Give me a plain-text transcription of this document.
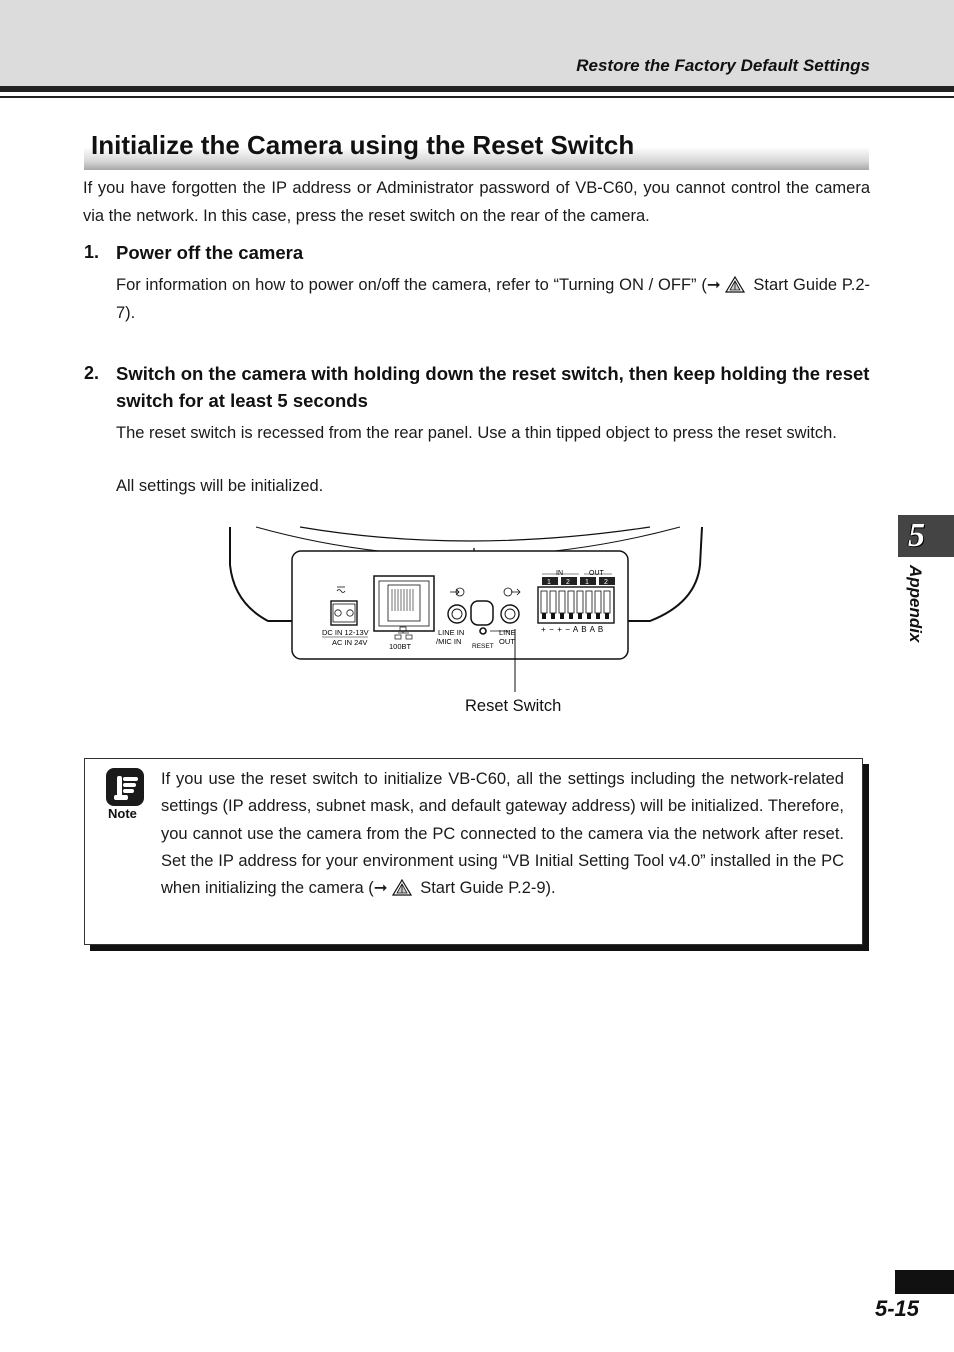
Restore the Factory Default Settings
Initialize the Camera using the Reset Switch
If you have forgotten the IP address or Administrator password of VB-C60, you cannot control the camera via the network. In this case, press the reset switch on the rear of the camera.
1. Power off the camera
For information on how to power on/off the camera, refer to “Turning ON / OFF” (➞ Start Guide P.2-7).
2. Switch on the camera with holding down the reset switch, then keep holding the reset switch for at least 5 seconds
The reset switch is recessed from the rear panel. Use a thin tipped object to press the reset switch.
All settings will be initialized.
5
Appendix
DC IN 12-13V
AC IN 24V	100BT
LINE IN
/MIC IN
RESET
LINE
OUT
IN	OUT
1 2 1 2
+ − + − A B A B
Reset Switch
Note
If you use the reset switch to initialize VB-C60, all the settings including the network-related settings (IP address, subnet mask, and default gateway address) will be initialized. Therefore, you cannot use the camera from the PC connected to the camera via the network after reset. Set the IP address for your environment using “VB Initial Setting Tool v4.0” installed in the PC when initializing the camera (➞ Start Guide P.2-9).
5-15
